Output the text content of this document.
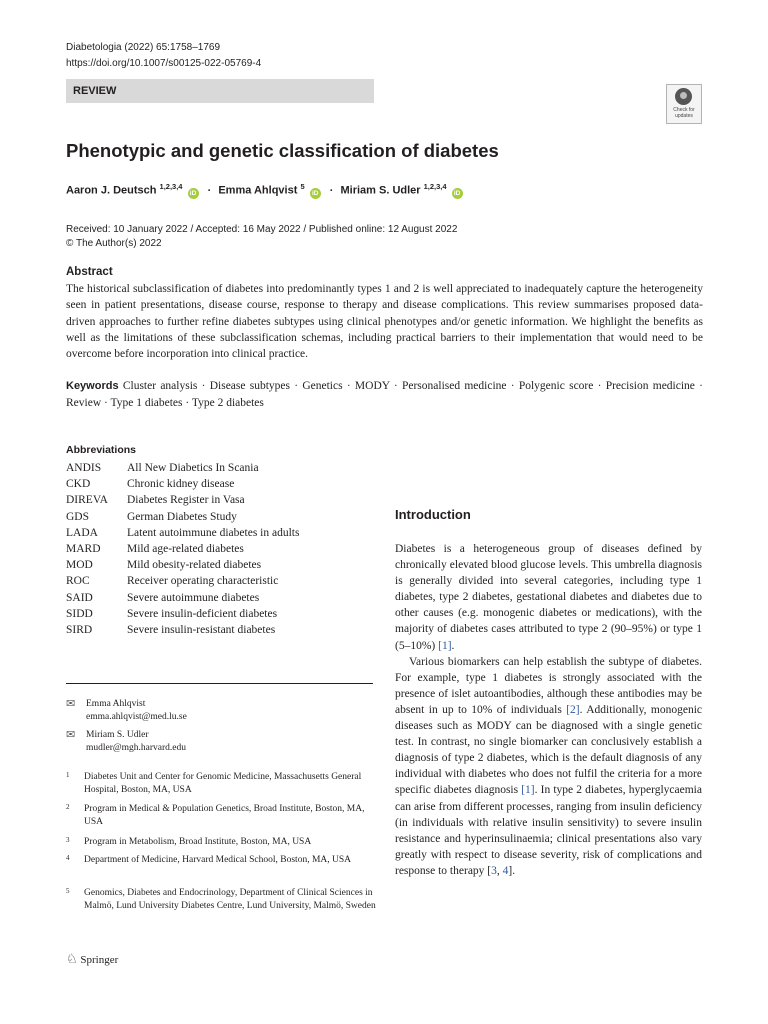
Diabetologia (2022) 65:1758–1769
https://doi.org/10.1007/s00125-022-05769-4
REVIEW
Check for updates
Phenotypic and genetic classification of diabetes
Aaron J. Deutsch $^{1,2,3,4}$ iD · Emma Ahlqvist $^5$ iD · Miriam S. Udler $^{1,2,3,4}$ iD
Received: 10 January 2022 / Accepted: 16 May 2022 / Published online: 12 August 2022
© The Author(s) 2022
Abstract
The historical subclassification of diabetes into predominantly types 1 and 2 is well appreciated to inadequately capture the heterogeneity seen in patient presentations, disease course, response to therapy and disease complications. This review summarises proposed data-driven approaches to further refine diabetes subtypes using clinical phenotypes and/or genetic information. We highlight the benefits as well as the limitations of these subclassification schemas, including practical barriers to their implementation that would need to be overcome before incorporation into clinical practice.
Keywords Cluster analysis · Disease subtypes · Genetics · MODY · Personalised medicine · Polygenic score · Precision medicine · Review · Type 1 diabetes · Type 2 diabetes
Abbreviations
ANDIS	All New Diabetics In Scania
CKD	Chronic kidney disease
DIREVA	Diabetes Register in Vasa
GDS	German Diabetes Study
LADA	Latent autoimmune diabetes in adults
MARD	Mild age-related diabetes
MOD	Mild obesity-related diabetes
ROC	Receiver operating characteristic
SAID	Severe autoimmune diabetes
SIDD	Severe insulin-deficient diabetes
SIRD	Severe insulin-resistant diabetes
✉ Emma Ahlqvist
emma.ahlqvist@med.lu.se
✉ Miriam S. Udler
mudler@mgh.harvard.edu
1 Diabetes Unit and Center for Genomic Medicine, Massachusetts General Hospital, Boston, MA, USA
2 Program in Medical & Population Genetics, Broad Institute, Boston, MA, USA
3 Program in Metabolism, Broad Institute, Boston, MA, USA
4 Department of Medicine, Harvard Medical School, Boston, MA, USA
5 Genomics, Diabetes and Endocrinology, Department of Clinical Sciences in Malmö, Lund University Diabetes Centre, Lund University, Malmö, Sweden
♘ Springer
Introduction

Diabetes is a heterogeneous group of diseases defined by chronically elevated blood glucose levels. This umbrella diagnosis is generally divided into several categories, including type 1 diabetes, type 2 diabetes, gestational diabetes and diabetes due to other causes (e.g. monogenic diabetes or medications), with the majority of diabetes cases attributed to type 2 (90–95%) or type 1 (5–10%) [1].

Various biomarkers can help establish the subtype of diabetes. For example, type 1 diabetes is strongly associated with the presence of islet autoantibodies, although these antibodies may be absent in up to 10% of individuals [2]. Additionally, monogenic diseases such as MODY can be diagnosed with a single genetic test. In contrast, no single biomarker can conclusively establish a diagnosis of type 2 diabetes, which is the default diagnosis of any individual with diabetes who does not fulfil the criteria for a more specific diabetes diagnosis [1]. In type 2 diabetes, hyperglycaemia can arise from different processes, ranging from insulin deficiency (in individuals with relative insulin sensitivity) to severe insulin resistance and hyperinsulinaemia; clinical presentations also vary greatly with respect to disease severity, risk of complications and response to therapy [3, 4].
